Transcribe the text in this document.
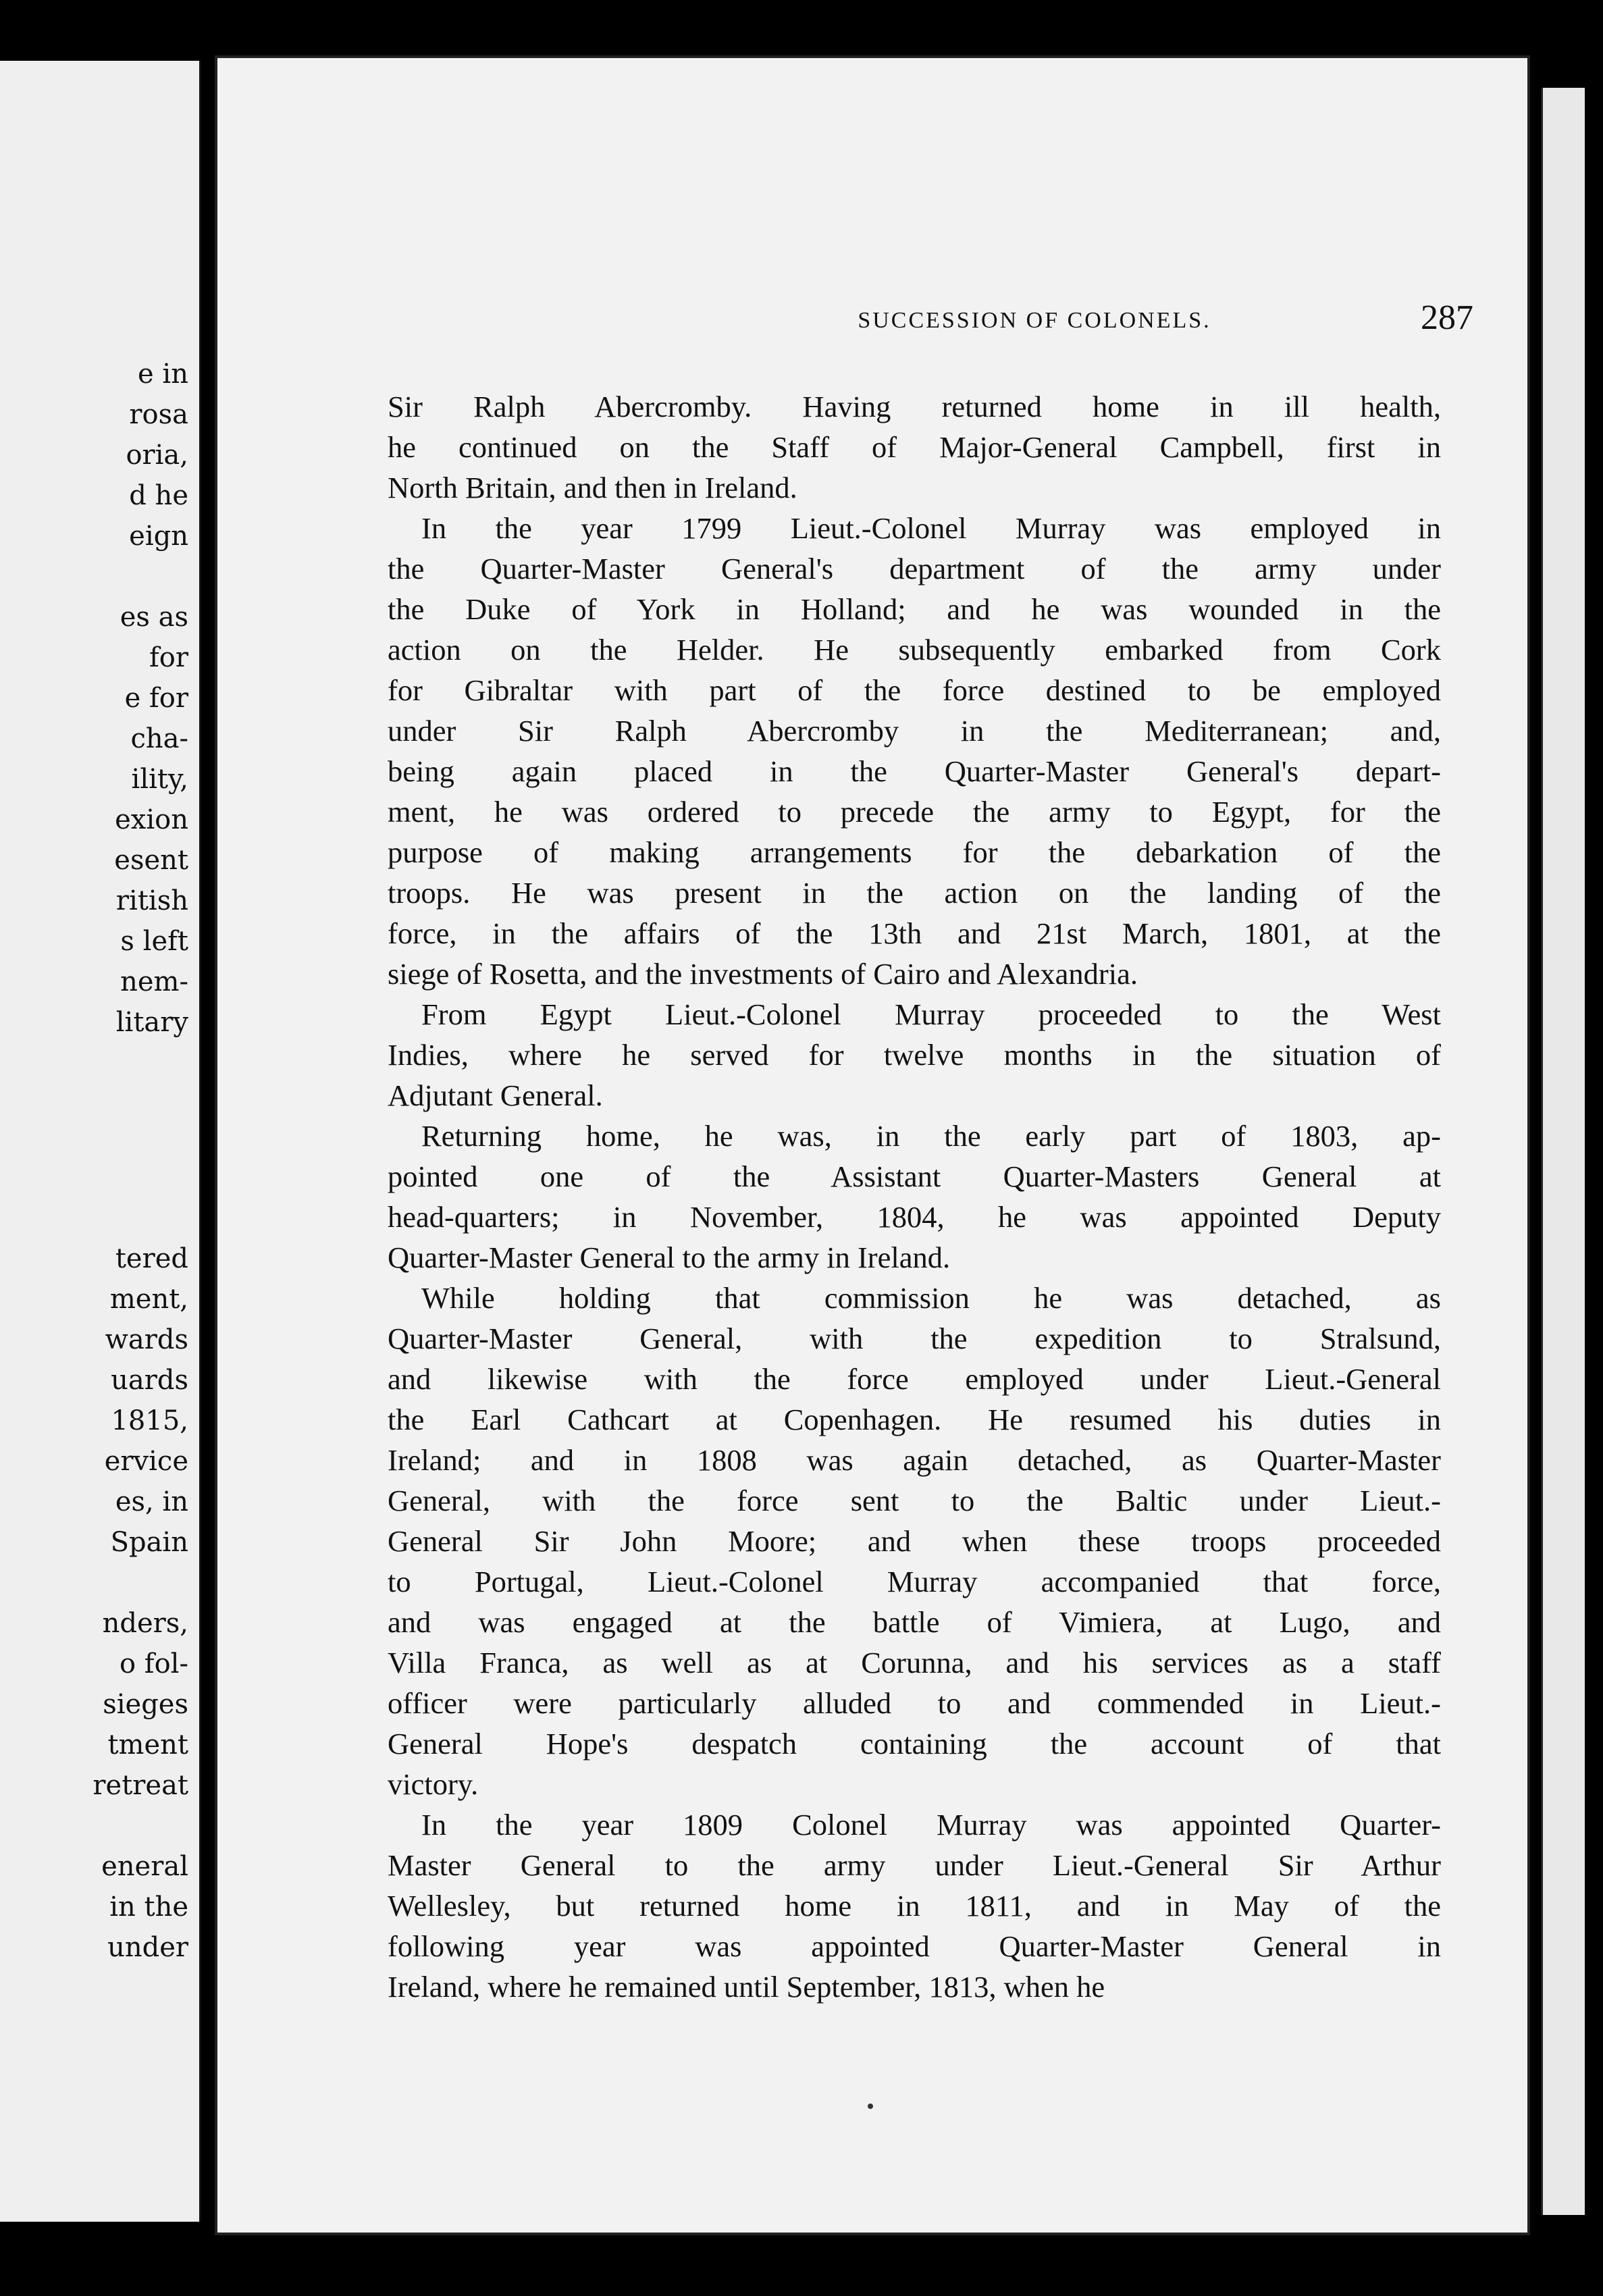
e in
rosa
oria,
d he
eign
es as
for
e for
cha-
ility,
exion
esent
ritish
s left
nem-
litary
tered
ment,
wards
uards
1815,
ervice
es, in
Spain
nders,
o fol-
sieges
tment
retreat
eneral
in the
under
SUCCESSION OF COLONELS.	287
Sir Ralph Abercromby. Having returned home in ill health,
he continued on the Staff of Major-General Campbell, first in
North Britain, and then in Ireland.
In the year 1799 Lieut.-Colonel Murray was employed in
the Quarter-Master General's department of the army under
the Duke of York in Holland; and he was wounded in the
action on the Helder. He subsequently embarked from Cork
for Gibraltar with part of the force destined to be employed
under Sir Ralph Abercromby in the Mediterranean; and,
being again placed in the Quarter-Master General's depart-
ment, he was ordered to precede the army to Egypt, for the
purpose of making arrangements for the debarkation of the
troops. He was present in the action on the landing of the
force, in the affairs of the 13th and 21st March, 1801, at the
siege of Rosetta, and the investments of Cairo and Alexandria.
From Egypt Lieut.-Colonel Murray proceeded to the West
Indies, where he served for twelve months in the situation of
Adjutant General.
Returning home, he was, in the early part of 1803, ap-
pointed one of the Assistant Quarter-Masters General at
head-quarters; in November, 1804, he was appointed Deputy
Quarter-Master General to the army in Ireland.
While holding that commission he was detached, as
Quarter-Master General, with the expedition to Stralsund,
and likewise with the force employed under Lieut.-General
the Earl Cathcart at Copenhagen. He resumed his duties in
Ireland; and in 1808 was again detached, as Quarter-Master
General, with the force sent to the Baltic under Lieut.-
General Sir John Moore; and when these troops proceeded
to Portugal, Lieut.-Colonel Murray accompanied that force,
and was engaged at the battle of Vimiera, at Lugo, and
Villa Franca, as well as at Corunna, and his services as a staff
officer were particularly alluded to and commended in Lieut.-
General Hope's despatch containing the account of that
victory.
In the year 1809 Colonel Murray was appointed Quarter-
Master General to the army under Lieut.-General Sir Arthur
Wellesley, but returned home in 1811, and in May of the
following year was appointed Quarter-Master General in
Ireland, where he remained until September, 1813, when he
